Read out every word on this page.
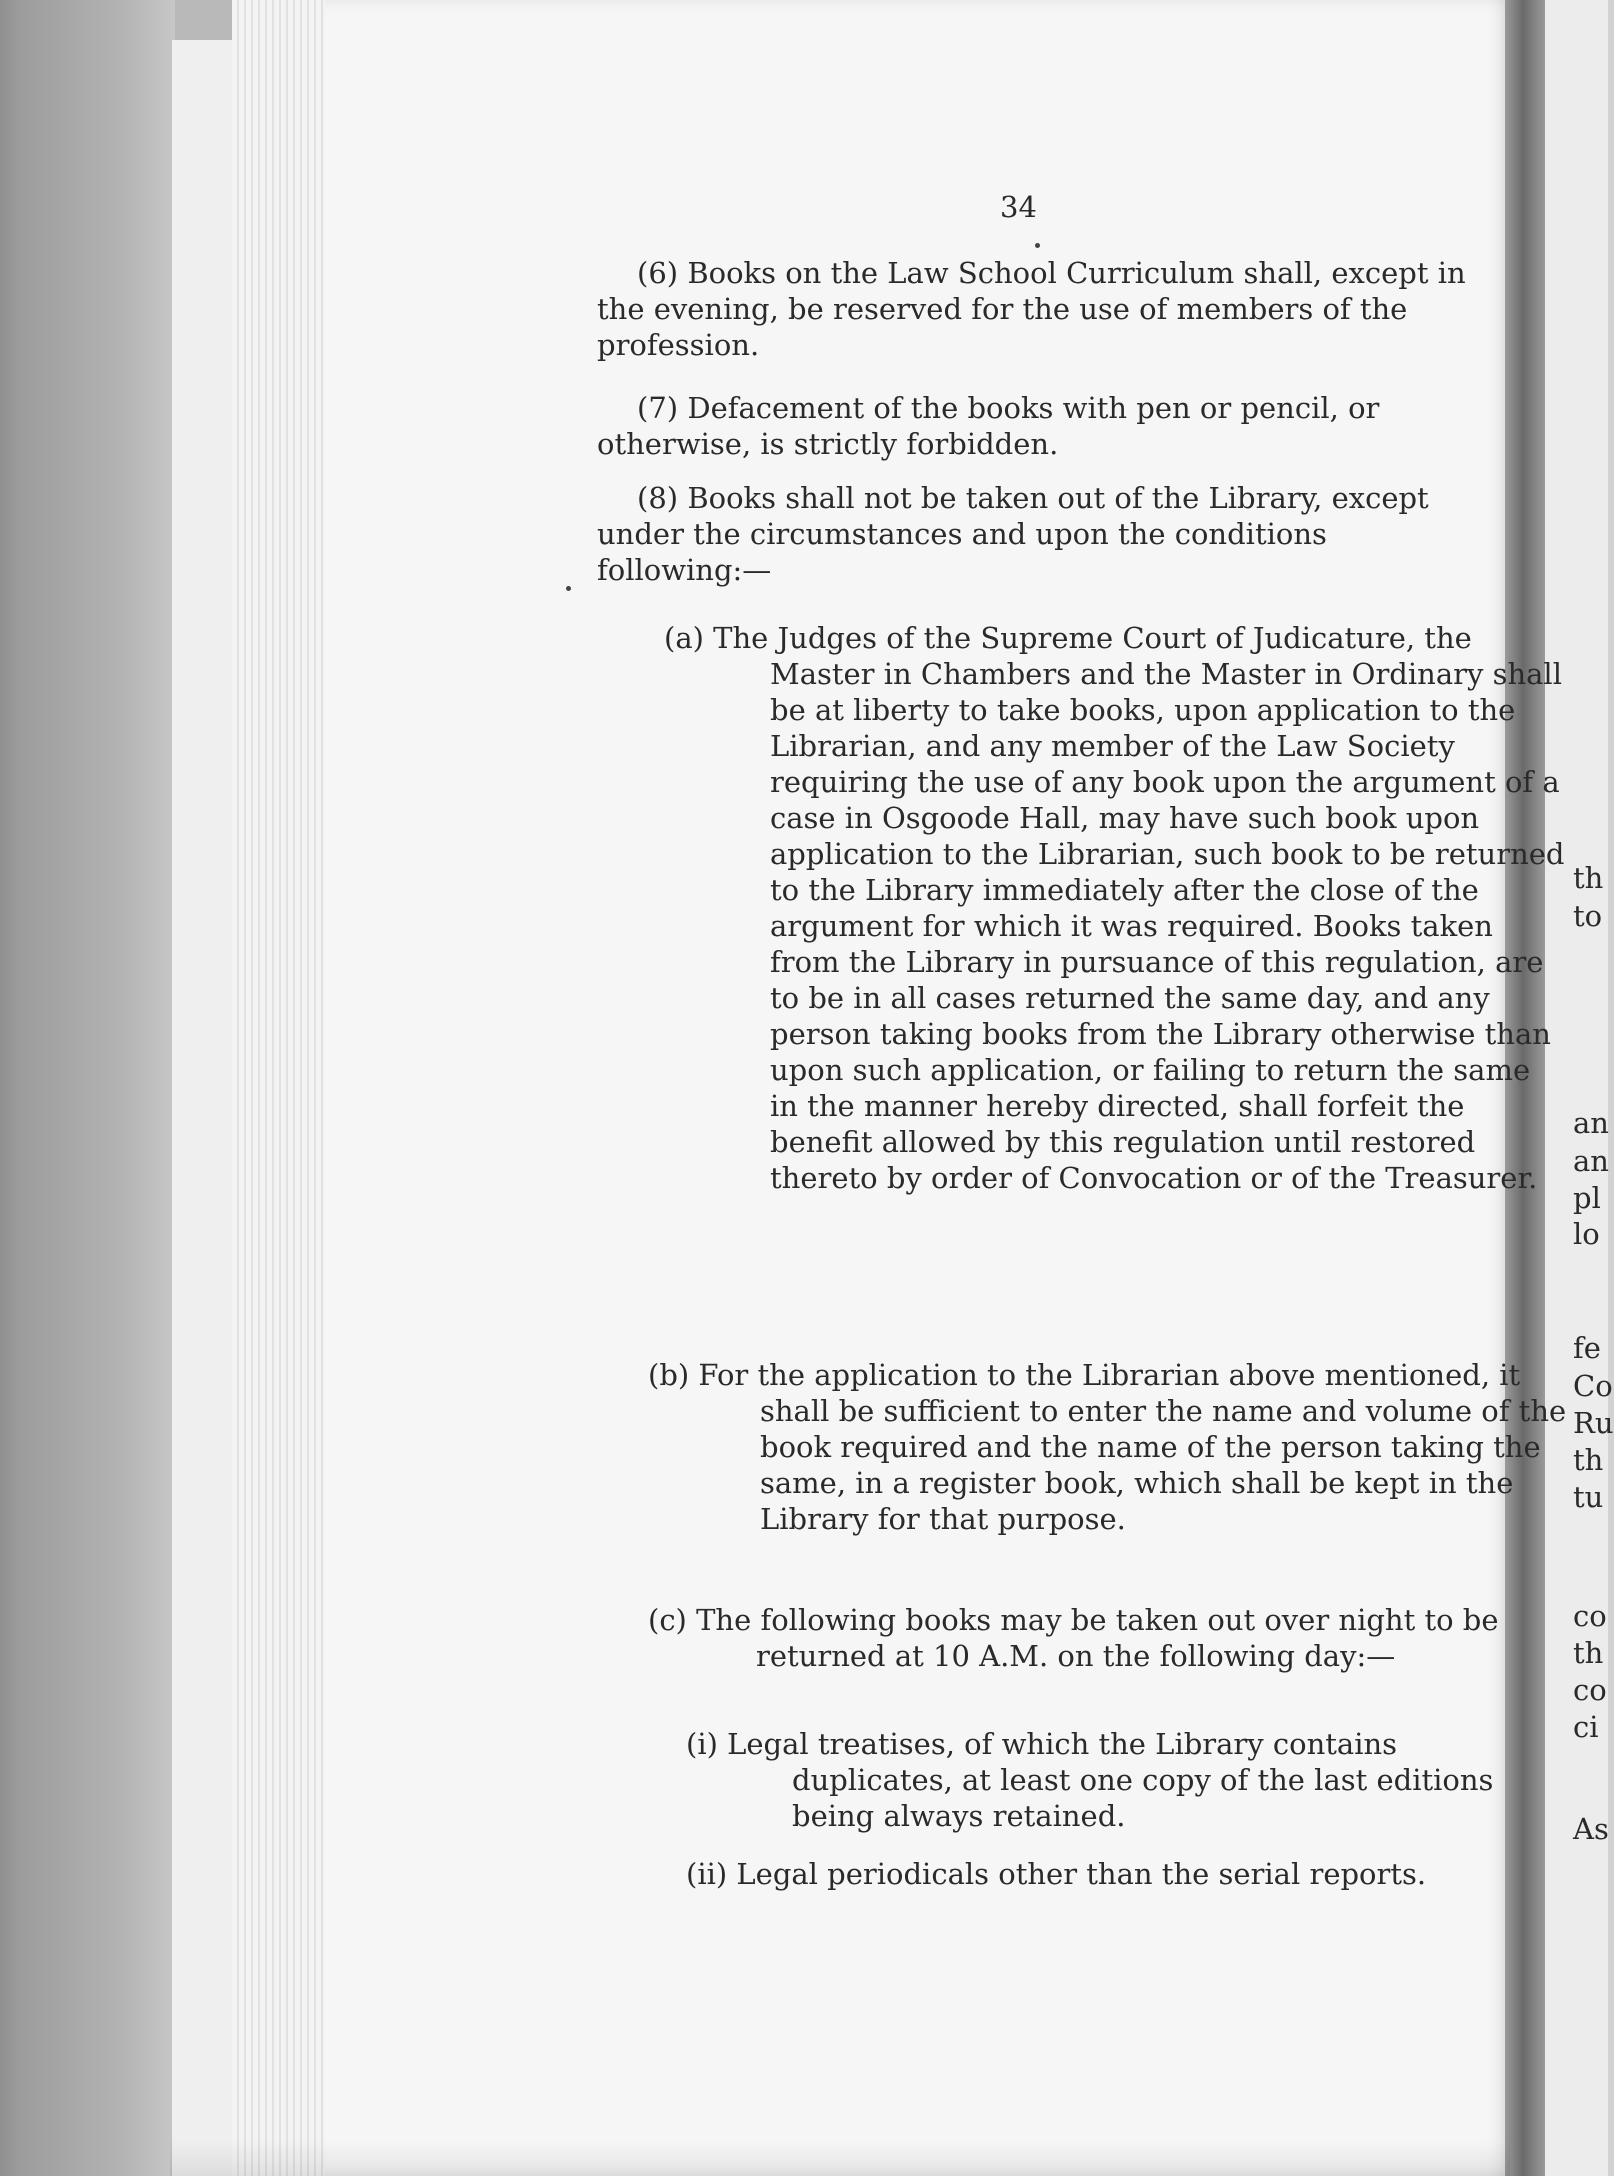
34

(6) Books on the Law School Curriculum shall, except in the evening, be reserved for the use of members of the profession.

(7) Defacement of the books with pen or pencil, or otherwise, is strictly forbidden.

(8) Books shall not be taken out of the Library, except under the circumstances and upon the conditions following:—

(a) The Judges of the Supreme Court of Judicature, the Master in Chambers and the Master in Ordinary shall be at liberty to take books, upon application to the Librarian, and any member of the Law Society requiring the use of any book upon the argument of a case in Osgoode Hall, may have such book upon application to the Librarian, such book to be returned to the Library immediately after the close of the argument for which it was required. Books taken from the Library in pursuance of this regulation, are to be in all cases returned the same day, and any person taking books from the Library otherwise than upon such application, or failing to return the same in the manner hereby directed, shall forfeit the benefit allowed by this regulation until restored thereto by order of Convocation or of the Treasurer.

(b) For the application to the Librarian above mentioned, it shall be sufficient to enter the name and volume of the book required and the name of the person taking the same, in a register book, which shall be kept in the Library for that purpose.

(c) The following books may be taken out over night to be returned at 10 A.M. on the following day:—

(i) Legal treatises, of which the Library contains duplicates, at least one copy of the last editions being always retained.

(ii) Legal periodicals other than the serial reports.

th
to
an
an
pl
lo
fe
Co
Ru
th
tu
co
th
co
ci
As
